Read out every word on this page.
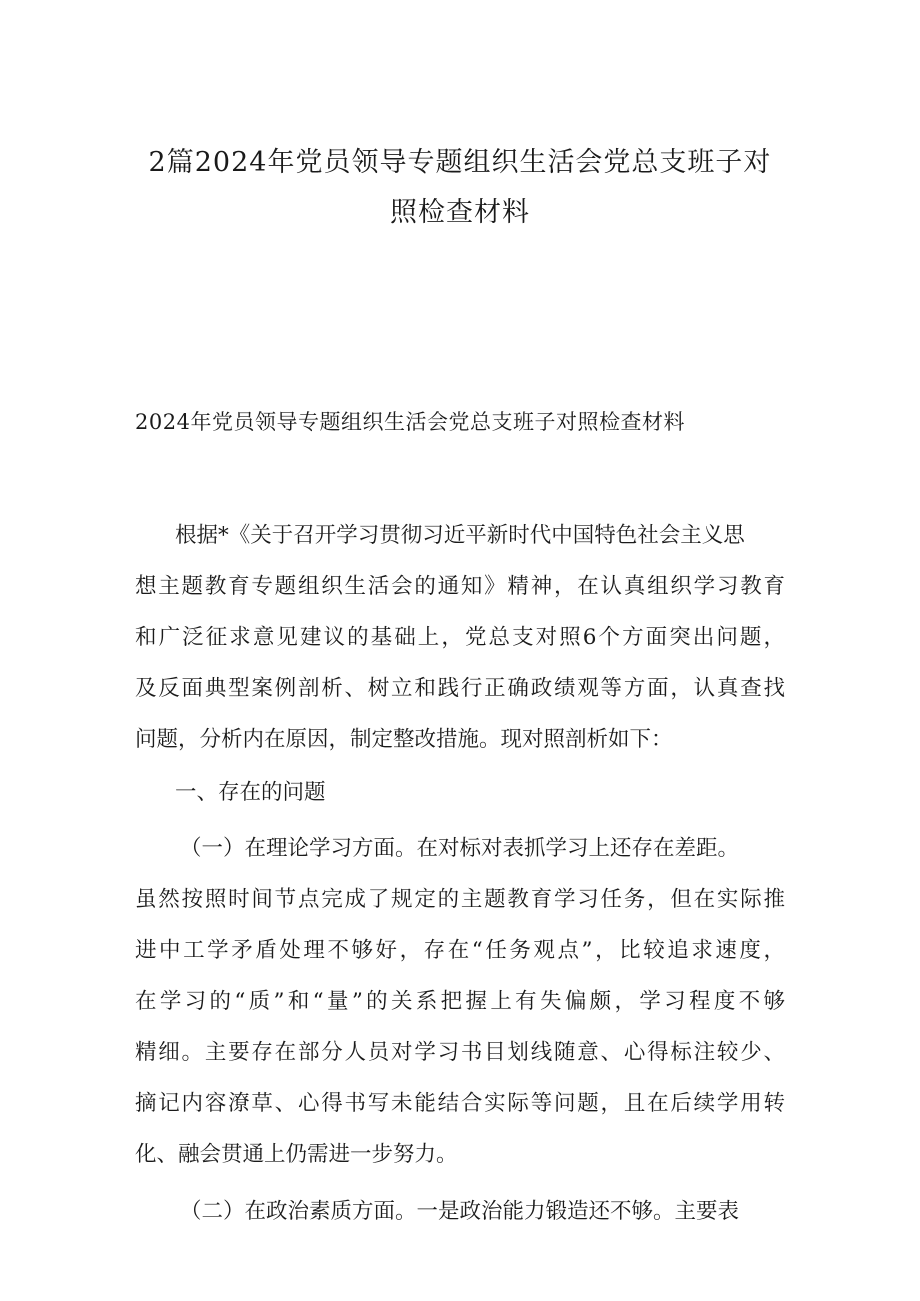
2篇2024年党员领导专题组织生活会党总支班子对
照检查材料

2024年党员领导专题组织生活会党总支班子对照检查材料

根据*《关于召开学习贯彻习近平新时代中国特色社会主义思

想主题教育专题组织生活会的通知》精神，在认真组织学习教育

和广泛征求意见建议的基础上，党总支对照6个方面突出问题，

及反面典型案例剖析、树立和践行正确政绩观等方面，认真查找

问题，分析内在原因，制定整改措施。现对照剖析如下：

一、存在的问题

（一）在理论学习方面。在对标对表抓学习上还存在差距。

虽然按照时间节点完成了规定的主题教育学习任务，但在实际推

进中工学矛盾处理不够好，存在“任务观点”，比较追求速度，

在学习的“质”和“量”的关系把握上有失偏颇，学习程度不够

精细。主要存在部分人员对学习书目划线随意、心得标注较少、

摘记内容潦草、心得书写未能结合实际等问题，且在后续学用转

化、融会贯通上仍需进一步努力。

（二）在政治素质方面。一是政治能力锻造还不够。主要表
